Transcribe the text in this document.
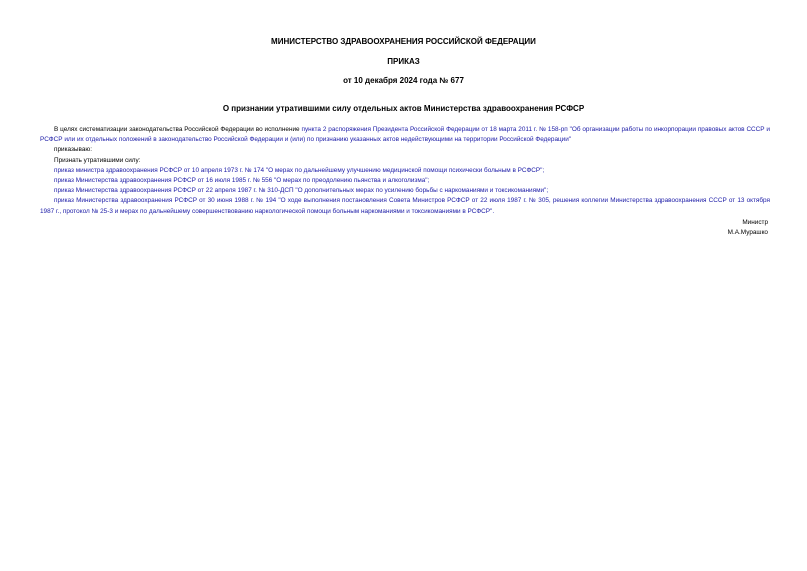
МИНИСТЕРСТВО ЗДРАВООХРАНЕНИЯ РОССИЙСКОЙ ФЕДЕРАЦИИ
ПРИКАЗ
от 10 декабря 2024 года № 677
О признании утратившими силу отдельных актов Министерства здравоохранения РСФСР

В целях систематизации законодательства Российской Федерации во исполнение пункта 2 распоряжения Президента Российской Федерации от 18 марта 2011 г. № 158-рп "Об организации работы по инкорпорации правовых актов СССР и РСФСР или их отдельных положений в законодательство Российской Федерации и (или) по признанию указанных актов недействующими на территории Российской Федерации"

приказываю:

Признать утратившими силу:

приказ министра здравоохранения РСФСР от 10 апреля 1973 г. № 174 "О мерах по дальнейшему улучшению медицинской помощи психически больным в РСФСР";

приказ Министерства здравоохранения РСФСР от 16 июля 1985 г. № 556 "О мерах по преодолению пьянства и алкоголизма";

приказ Министерства здравоохранения РСФСР от 22 апреля 1987 г. № 310-ДСП "О дополнительных мерах по усилению борьбы с наркоманиями и токсикоманиями";

приказ Министерства здравоохранения РСФСР от 30 июня 1988 г. № 194 "О ходе выполнения постановления Совета Министров РСФСР от 22 июля 1987 г. № 305, решения коллегии Министерства здравоохранения СССР от 13 октября 1987 г., протокол № 25-3 и мерах по дальнейшему совершенствованию наркологической помощи больным наркоманиями и токсикоманиями в РСФСР".

Министр
М.А.Мурашко
